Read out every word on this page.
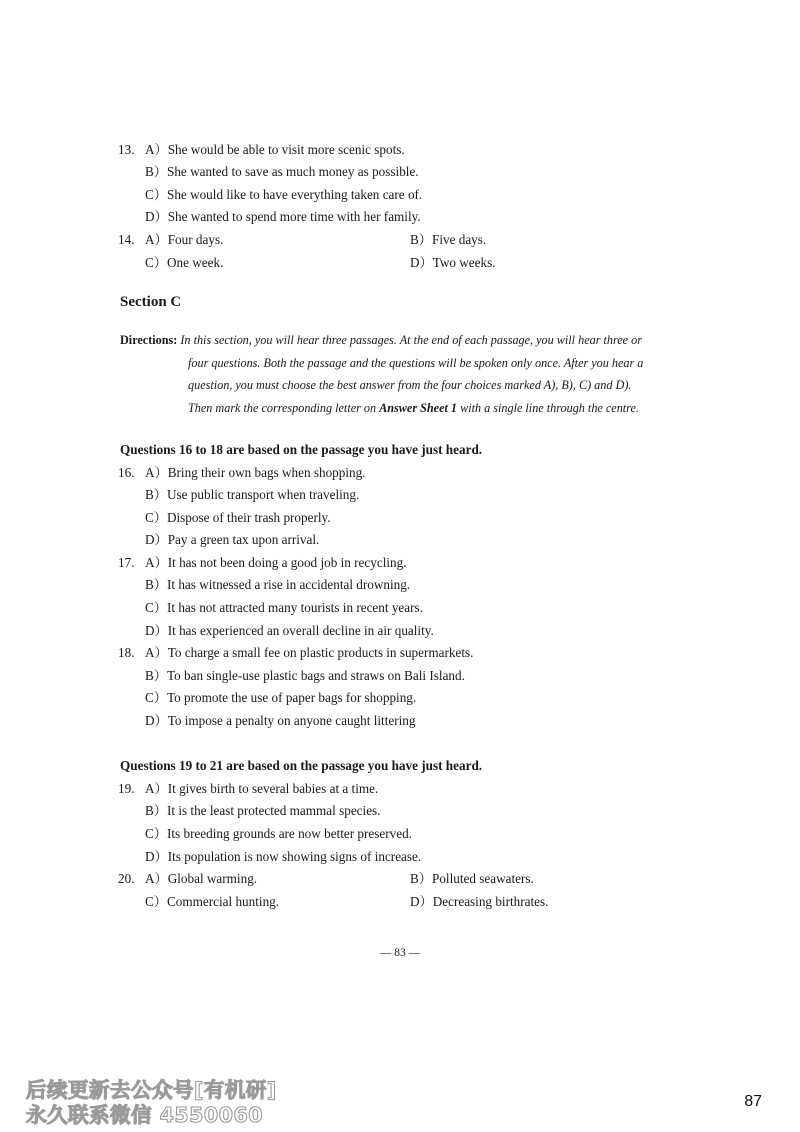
13. A）She would be able to visit more scenic spots.
B）She wanted to save as much money as possible.
C）She would like to have everything taken care of.
D）She wanted to spend more time with her family.
14. A）Four days.	B）Five days.
C）One week.	D）Two weeks.
Section C
Directions: In this section, you will hear three passages. At the end of each passage, you will hear three or
four questions. Both the passage and the questions will be spoken only once. After you hear a
question, you must choose the best answer from the four choices marked A), B), C) and D).
Then mark the corresponding letter on Answer Sheet 1 with a single line through the centre.
Questions 16 to 18 are based on the passage you have just heard.
16. A）Bring their own bags when shopping.
B）Use public transport when traveling.
C）Dispose of their trash properly.
D）Pay a green tax upon arrival.
17. A）It has not been doing a good job in recycling.
B）It has witnessed a rise in accidental drowning.
C）It has not attracted many tourists in recent years.
D）It has experienced an overall decline in air quality.
18. A）To charge a small fee on plastic products in supermarkets.
B）To ban single-use plastic bags and straws on Bali Island.
C）To promote the use of paper bags for shopping.
D）To impose a penalty on anyone caught littering
Questions 19 to 21 are based on the passage you have just heard.
19. A）It gives birth to several babies at a time.
B）It is the least protected mammal species.
C）Its breeding grounds are now better preserved.
D）Its population is now showing signs of increase.
20. A）Global warming.	B）Polluted seawaters.
C）Commercial hunting.	D）Decreasing birthrates.
— 83 —
后续更新去公众号[有机研]
永久联系微信 4550060
87
